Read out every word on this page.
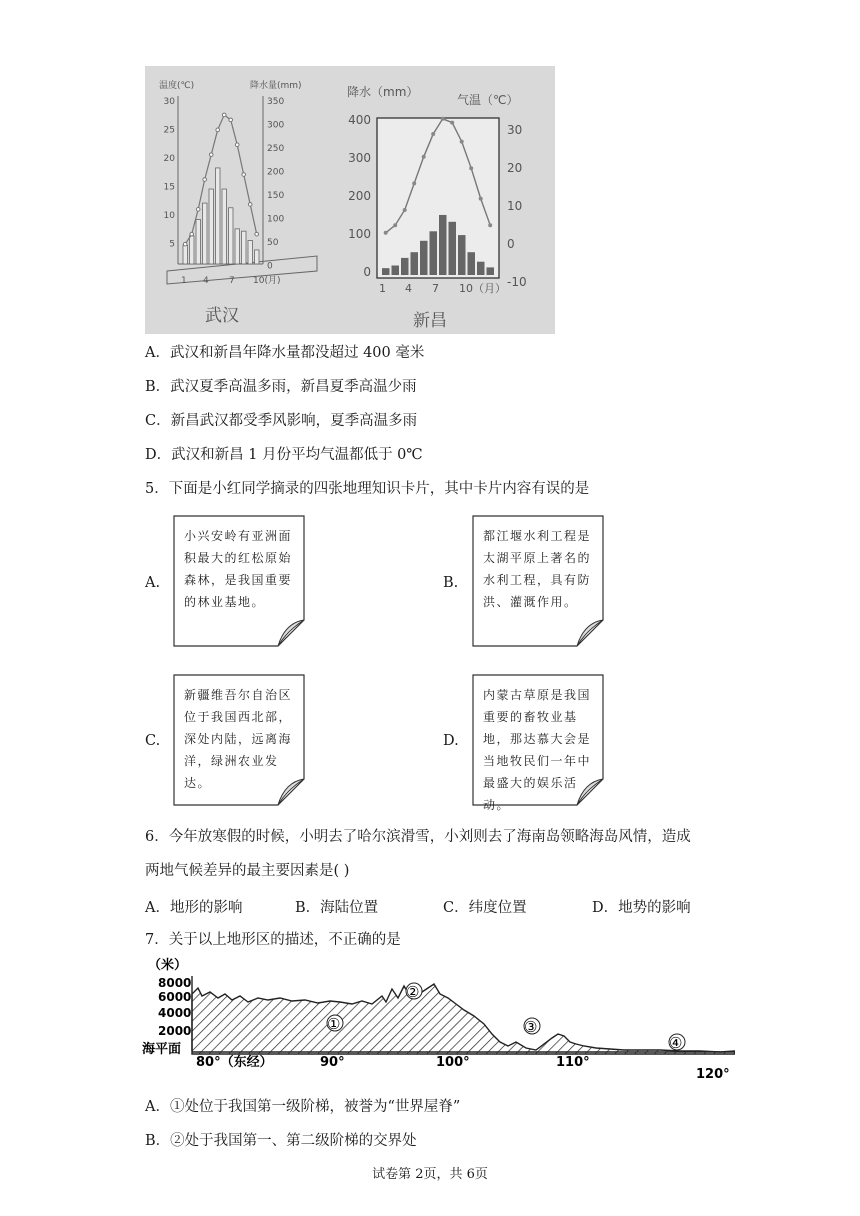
温度(℃)	降水量(mm)
30
25
20
15
10
5
350
300
250
200
150
100
50
0
1 4 7 10(月)
武汉
降水（mm）
气温（℃）
400
300
200
100
0
30
20
10
0
-10
1 4 7 10（月）
新昌
A．武汉和新昌年降水量都没超过 400 毫米
B．武汉夏季高温多雨，新昌夏季高温少雨
C．新昌武汉都受季风影响，夏季高温多雨
D．武汉和新昌 1 月份平均气温都低于 0℃
5．下面是小红同学摘录的四张地理知识卡片，其中卡片内容有误的是
A.
小兴安岭有亚洲面积最大的红松原始森林，是我国重要的林业基地。
B.
都江堰水利工程是太湖平原上著名的水利工程，具有防洪、灌溉作用。
C.
新疆维吾尔自治区位于我国西北部，深处内陆，远离海洋，绿洲农业发达。
D.
内蒙古草原是我国重要的畜牧业基地，那达慕大会是当地牧民们一年中最盛大的娱乐活动。
6．今年放寒假的时候，小明去了哈尔滨滑雪，小刘则去了海南岛领略海岛风情，造成
两地气候差异的最主要因素是( )
A．地形的影响	B．海陆位置	C．纬度位置	D．地势的影响
7．关于以上地形区的描述，不正确的是
（米）
8000
6000
4000
2000
海平面
①
②
③
④
80°（东经）	90°	100°	110°
120°
A．①处位于我国第一级阶梯，被誉为“世界屋脊”
B．②处于我国第一、第二级阶梯的交界处
试卷第 2页，共 6页
